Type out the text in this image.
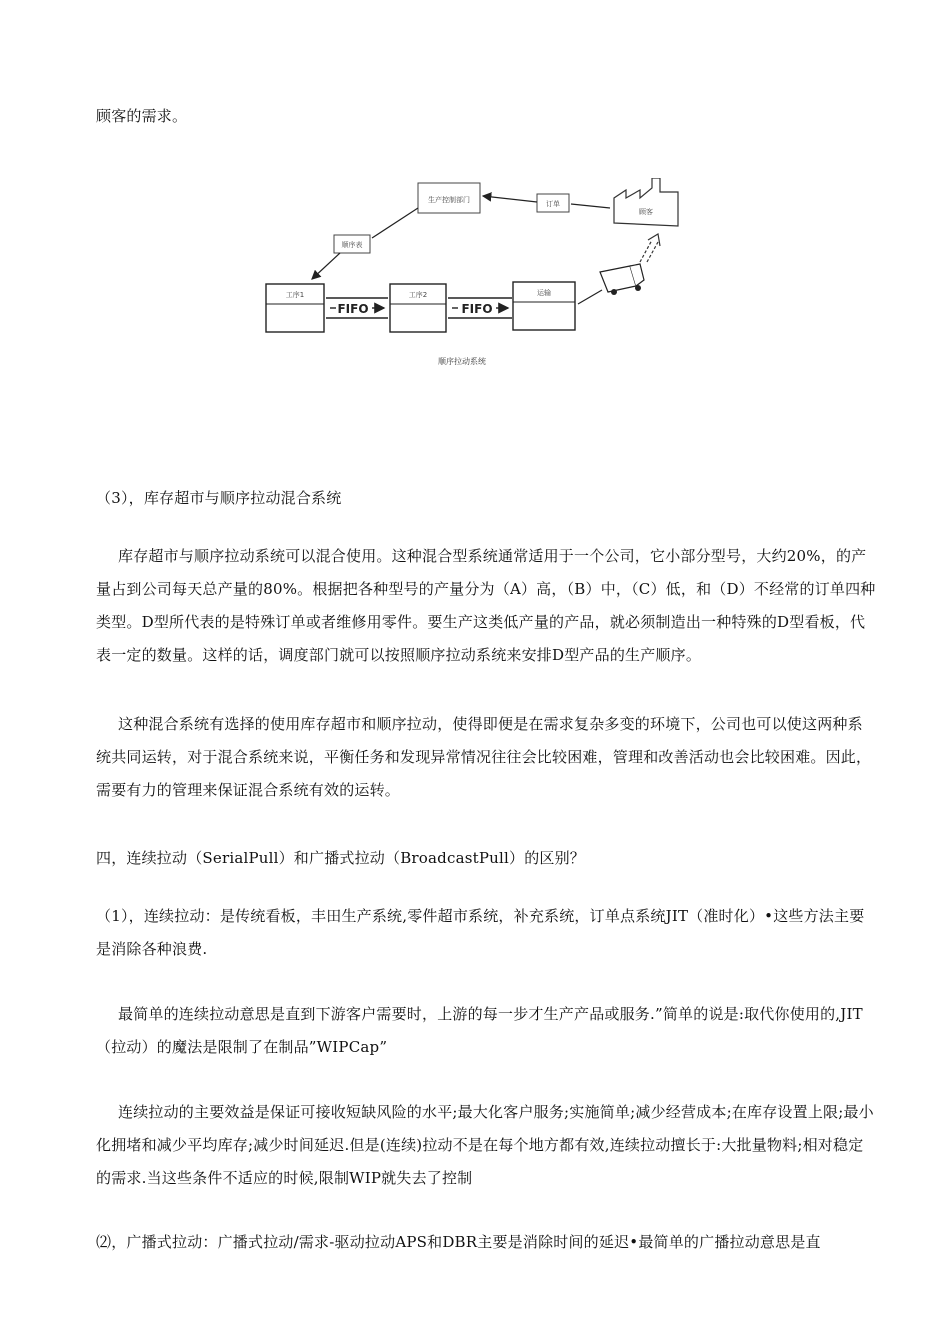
顾客的需求。

生产控制部门	订单
顾客
顺序表
工序1
FIFO
工序2
FIFO
运输
顺序拉动系统

（3），库存超市与顺序拉动混合系统

库存超市与顺序拉动系统可以混合使用。这种混合型系统通常适用于一个公司，它小部分型号，大约20%，的产量占到公司每天总产量的80%。根据把各种型号的产量分为（A）高，（B）中，（C）低，和（D）不经常的订单四种类型。D型所代表的是特殊订单或者维修用零件。要生产这类低产量的产品，就必须制造出一种特殊的D型看板，代表一定的数量。这样的话，调度部门就可以按照顺序拉动系统来安排D型产品的生产顺序。

这种混合系统有选择的使用库存超市和顺序拉动，使得即便是在需求复杂多变的环境下，公司也可以使这两种系统共同运转，对于混合系统来说，平衡任务和发现异常情况往往会比较困难，管理和改善活动也会比较困难。因此，需要有力的管理来保证混合系统有效的运转。

四，连续拉动（SerialPull）和广播式拉动（BroadcastPull）的区别？

（1），连续拉动：是传统看板，丰田生产系统,零件超市系统，补充系统，订单点系统JIT（准时化）•这些方法主要是消除各种浪费.

最简单的连续拉动意思是直到下游客户需要时，上游的每一步才生产产品或服务.”简单的说是:取代你使用的,JIT（拉动）的魔法是限制了在制品”WIPCap”

连续拉动的主要效益是保证可接收短缺风险的水平;最大化客户服务;实施简单;减少经营成本;在库存设置上限;最小化拥堵和减少平均库存;减少时间延迟.但是(连续)拉动不是在每个地方都有效,连续拉动擅长于:大批量物料;相对稳定的需求.当这些条件不适应的时候,限制WIP就失去了控制

⑵，广播式拉动：广播式拉动/需求-驱动拉动APS和DBR主要是消除时间的延迟•最简单的广播拉动意思是直
